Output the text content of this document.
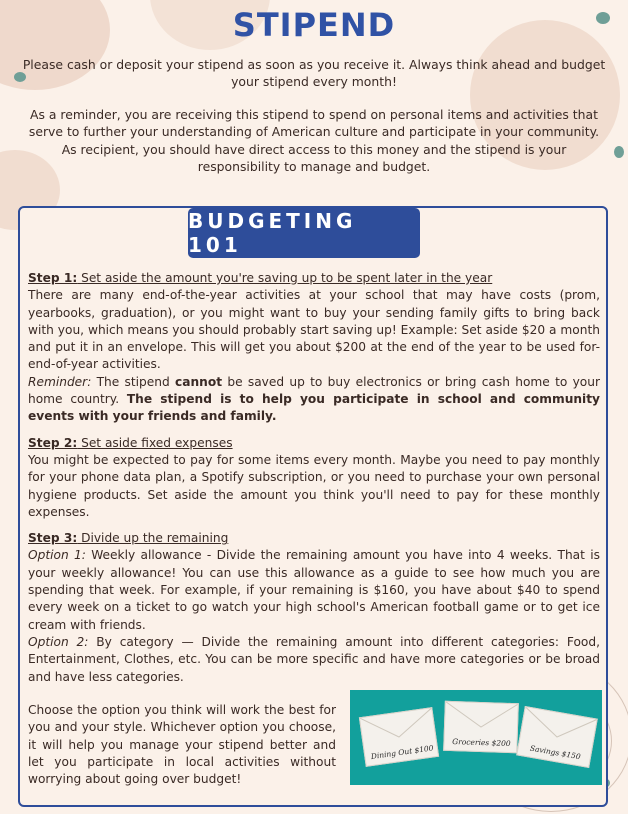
STIPEND
Please cash or deposit your stipend as soon as you receive it. Always think ahead and budget your stipend every month!
As a reminder, you are receiving this stipend to spend on personal items and activities that serve to further your understanding of American culture and participate in your community. As recipient, you should have direct access to this money and the stipend is your responsibility to manage and budget.
BUDGETING 101

Step 1: Set aside the amount you're saving up to be spent later in the year

There are many end-of-the-year activities at your school that may have costs (prom, yearbooks, graduation), or you might want to buy your sending family gifts to bring back with you, which means you should probably start saving up! Example: Set aside $20 a month and put it in an envelope. This will get you about $200 at the end of the year to be used for-end-of-year activities.

Reminder: The stipend cannot be saved up to buy electronics or bring cash home to your home country. The stipend is to help you participate in school and community events with your friends and family.

Step 2: Set aside fixed expenses

You might be expected to pay for some items every month. Maybe you need to pay monthly for your phone data plan, a Spotify subscription, or you need to purchase your own personal hygiene products. Set aside the amount you think you'll need to pay for these monthly expenses.

Step 3: Divide up the remaining

Option 1: Weekly allowance - Divide the remaining amount you have into 4 weeks. That is your weekly allowance! You can use this allowance as a guide to see how much you are spending that week. For example, if your remaining is $160, you have about $40 to spend every week on a ticket to go watch your high school's American football game or to get ice cream with friends.

Option 2: By category — Divide the remaining amount into different categories: Food, Entertainment, Clothes, etc. You can be more specific and have more categories or be broad and have less categories.

Choose the option you think will work the best for you and your style. Whichever option you choose, it will help you manage your stipend better and let you participate in local activities without worrying about going over budget!
Dining Out $100
Groceries $200
Savings $150
